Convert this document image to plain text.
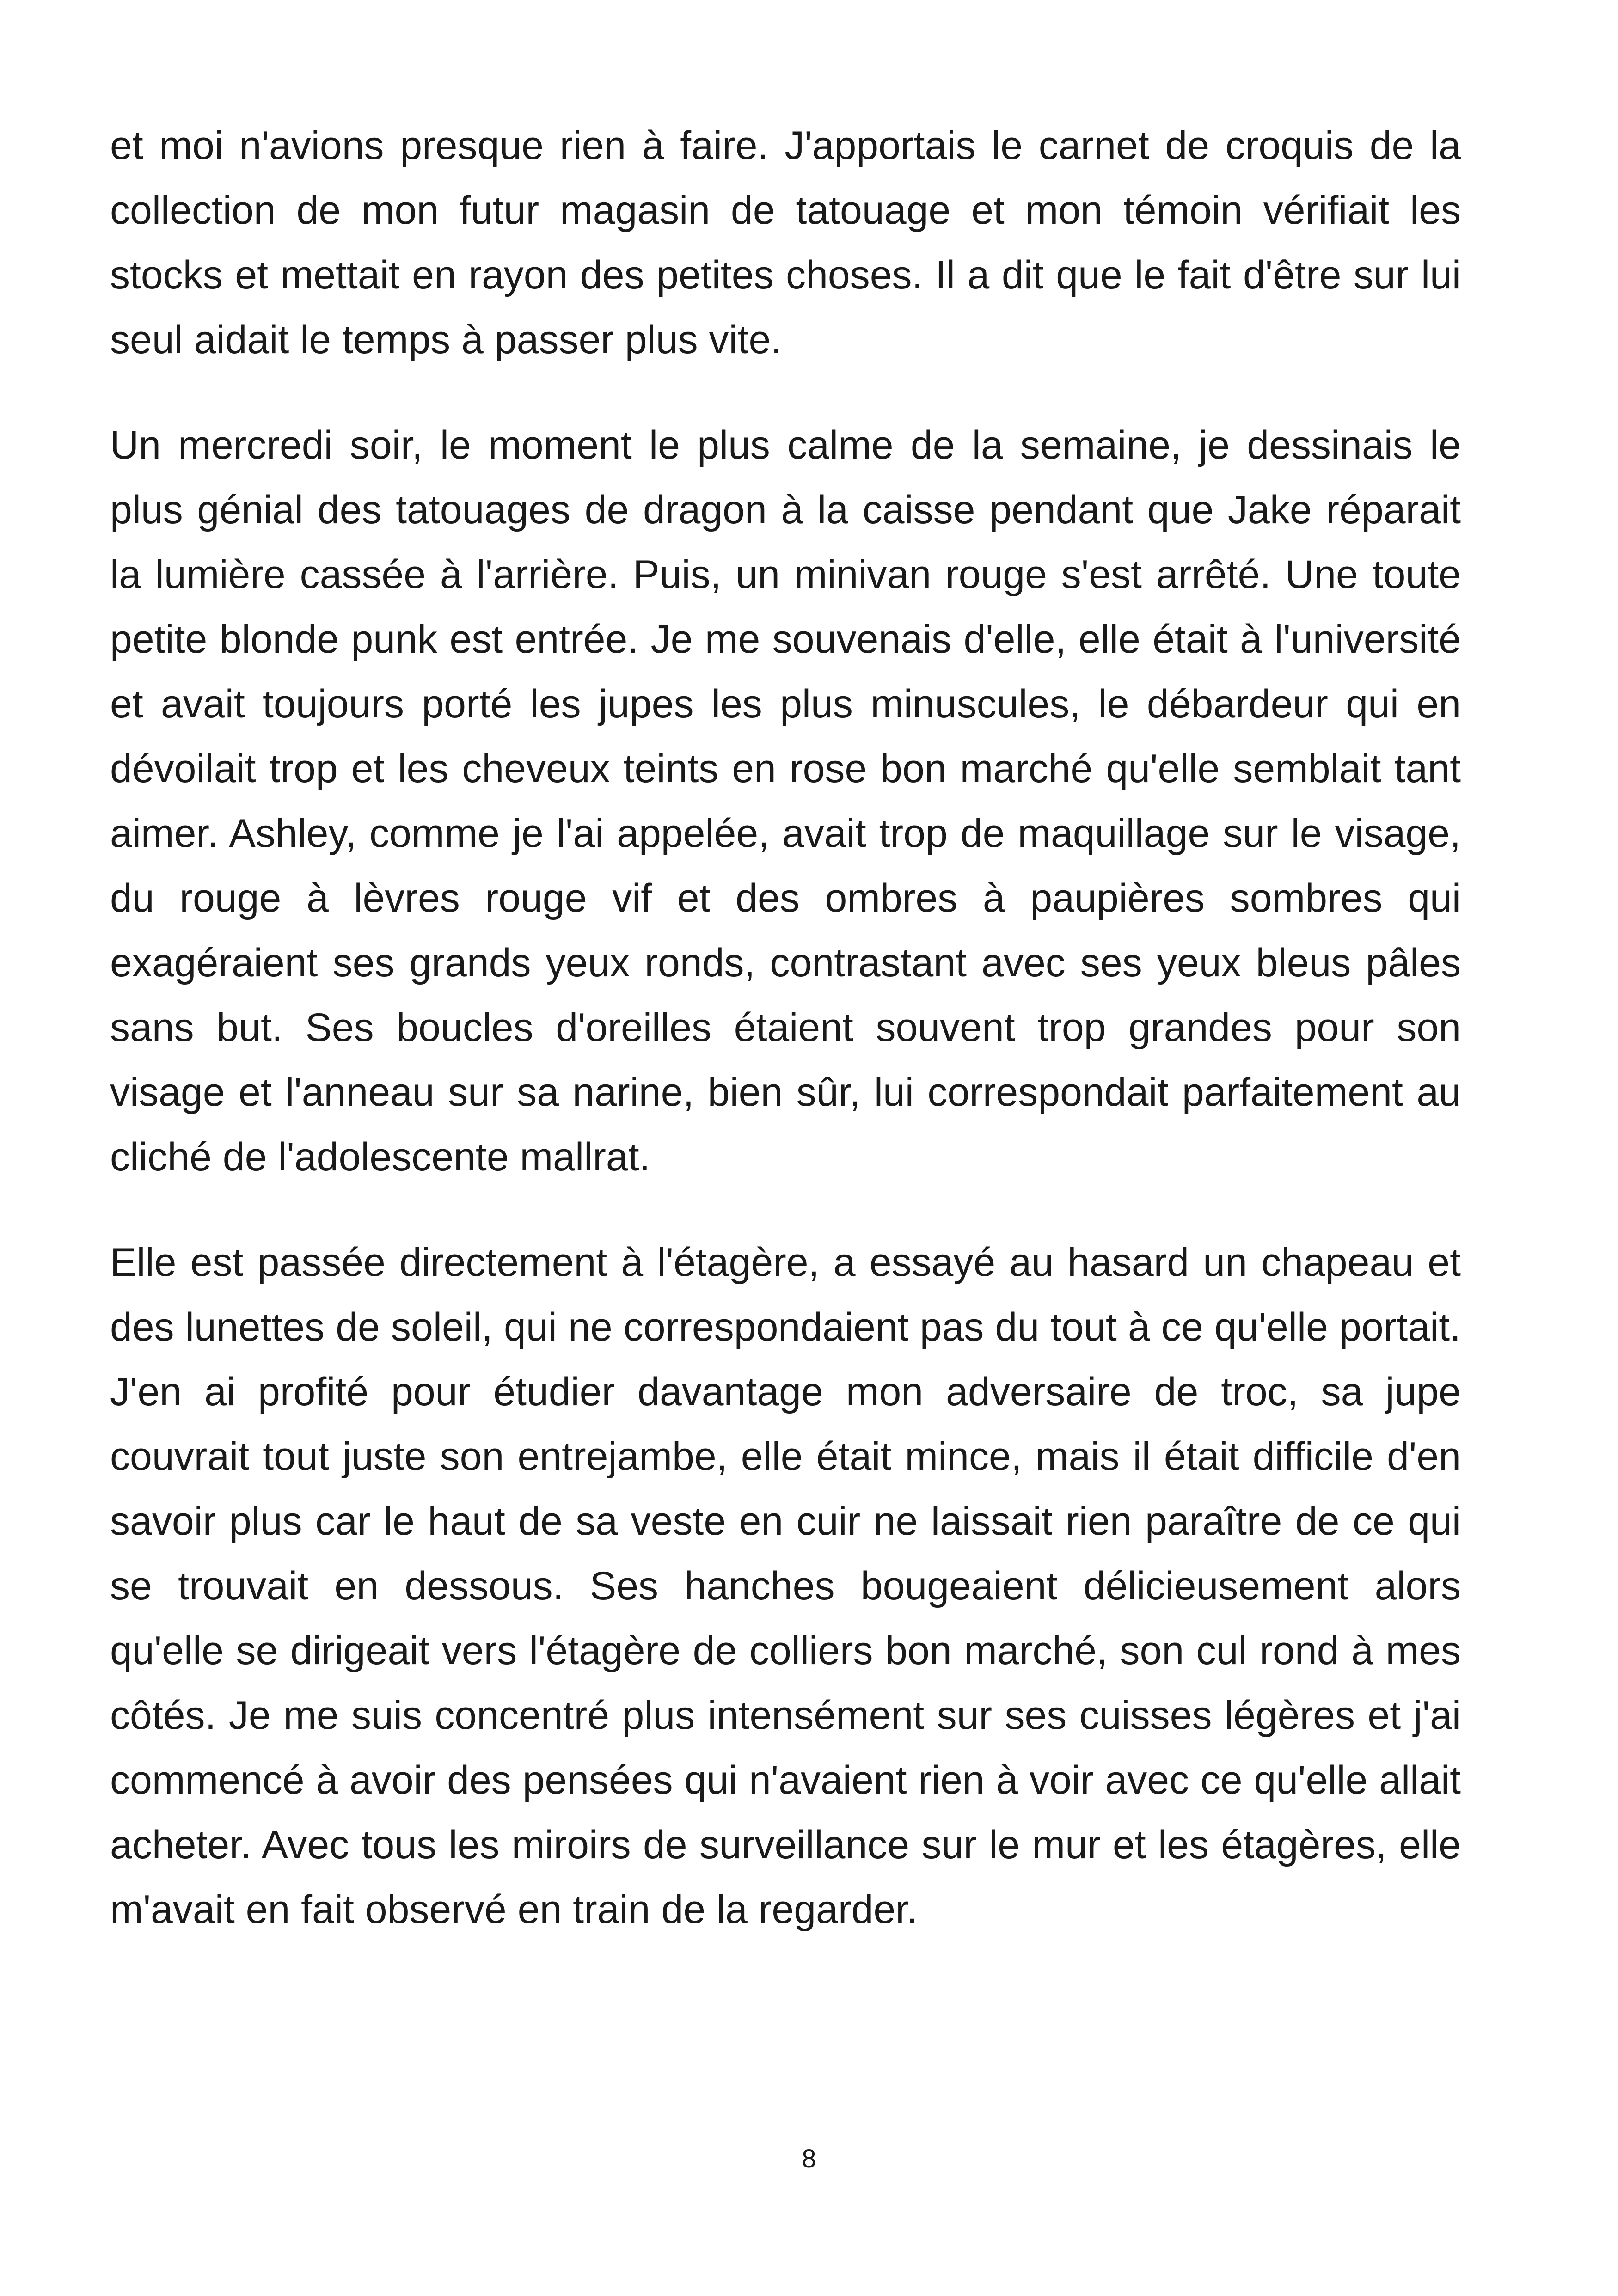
et moi n'avions presque rien à faire. J'apportais le carnet de croquis de la collection de mon futur magasin de tatouage et mon témoin vérifiait les stocks et mettait en rayon des petites choses. Il a dit que le fait d'être sur lui seul aidait le temps à passer plus vite.

Un mercredi soir, le moment le plus calme de la semaine, je dessinais le plus génial des tatouages de dragon à la caisse pendant que Jake réparait la lumière cassée à l'arrière. Puis, un minivan rouge s'est arrêté. Une toute petite blonde punk est entrée. Je me souvenais d'elle, elle était à l'université et avait toujours porté les jupes les plus minuscules, le débardeur qui en dévoilait trop et les cheveux teints en rose bon marché qu'elle semblait tant aimer. Ashley, comme je l'ai appelée, avait trop de maquillage sur le visage, du rouge à lèvres rouge vif et des ombres à paupières sombres qui exagéraient ses grands yeux ronds, contrastant avec ses yeux bleus pâles sans but. Ses boucles d'oreilles étaient souvent trop grandes pour son visage et l'anneau sur sa narine, bien sûr, lui correspondait parfaitement au cliché de l'adolescente mallrat.

Elle est passée directement à l'étagère, a essayé au hasard un chapeau et des lunettes de soleil, qui ne correspondaient pas du tout à ce qu'elle portait. J'en ai profité pour étudier davantage mon adversaire de troc, sa jupe couvrait tout juste son entrejambe, elle était mince, mais il était difficile d'en savoir plus car le haut de sa veste en cuir ne laissait rien paraître de ce qui se trouvait en dessous. Ses hanches bougeaient délicieusement alors qu'elle se dirigeait vers l'étagère de colliers bon marché, son cul rond à mes côtés. Je me suis concentré plus intensément sur ses cuisses légères et j'ai commencé à avoir des pensées qui n'avaient rien à voir avec ce qu'elle allait acheter. Avec tous les miroirs de surveillance sur le mur et les étagères, elle m'avait en fait observé en train de la regarder.

8
